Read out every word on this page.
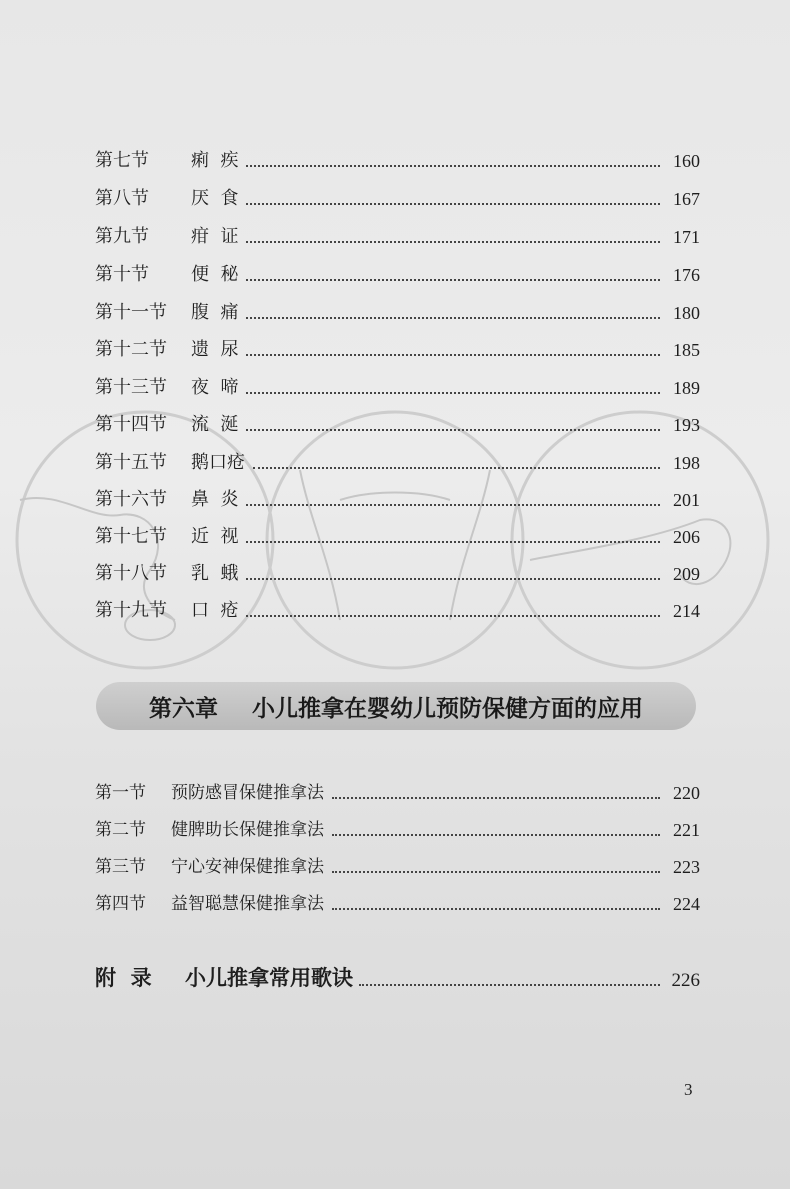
第七节	痢  疾	160
第八节	厌  食	167
第九节	疳  证	171
第十节	便  秘	176
第十一节	腹  痛	180
第十二节	遗  尿	185
第十三节	夜  啼	189
第十四节	流  涎	193
第十五节	鹅口疮	198
第十六节	鼻  炎	201
第十七节	近  视	206
第十八节	乳  蛾	209
第十九节	口  疮	214
第六章 小儿推拿在婴幼儿预防保健方面的应用
第一节	预防感冒保健推拿法	220
第二节	健脾助长保健推拿法	221
第三节	宁心安神保健推拿法	223
第四节	益智聪慧保健推拿法	224
附  录	小儿推拿常用歌诀	226
3
